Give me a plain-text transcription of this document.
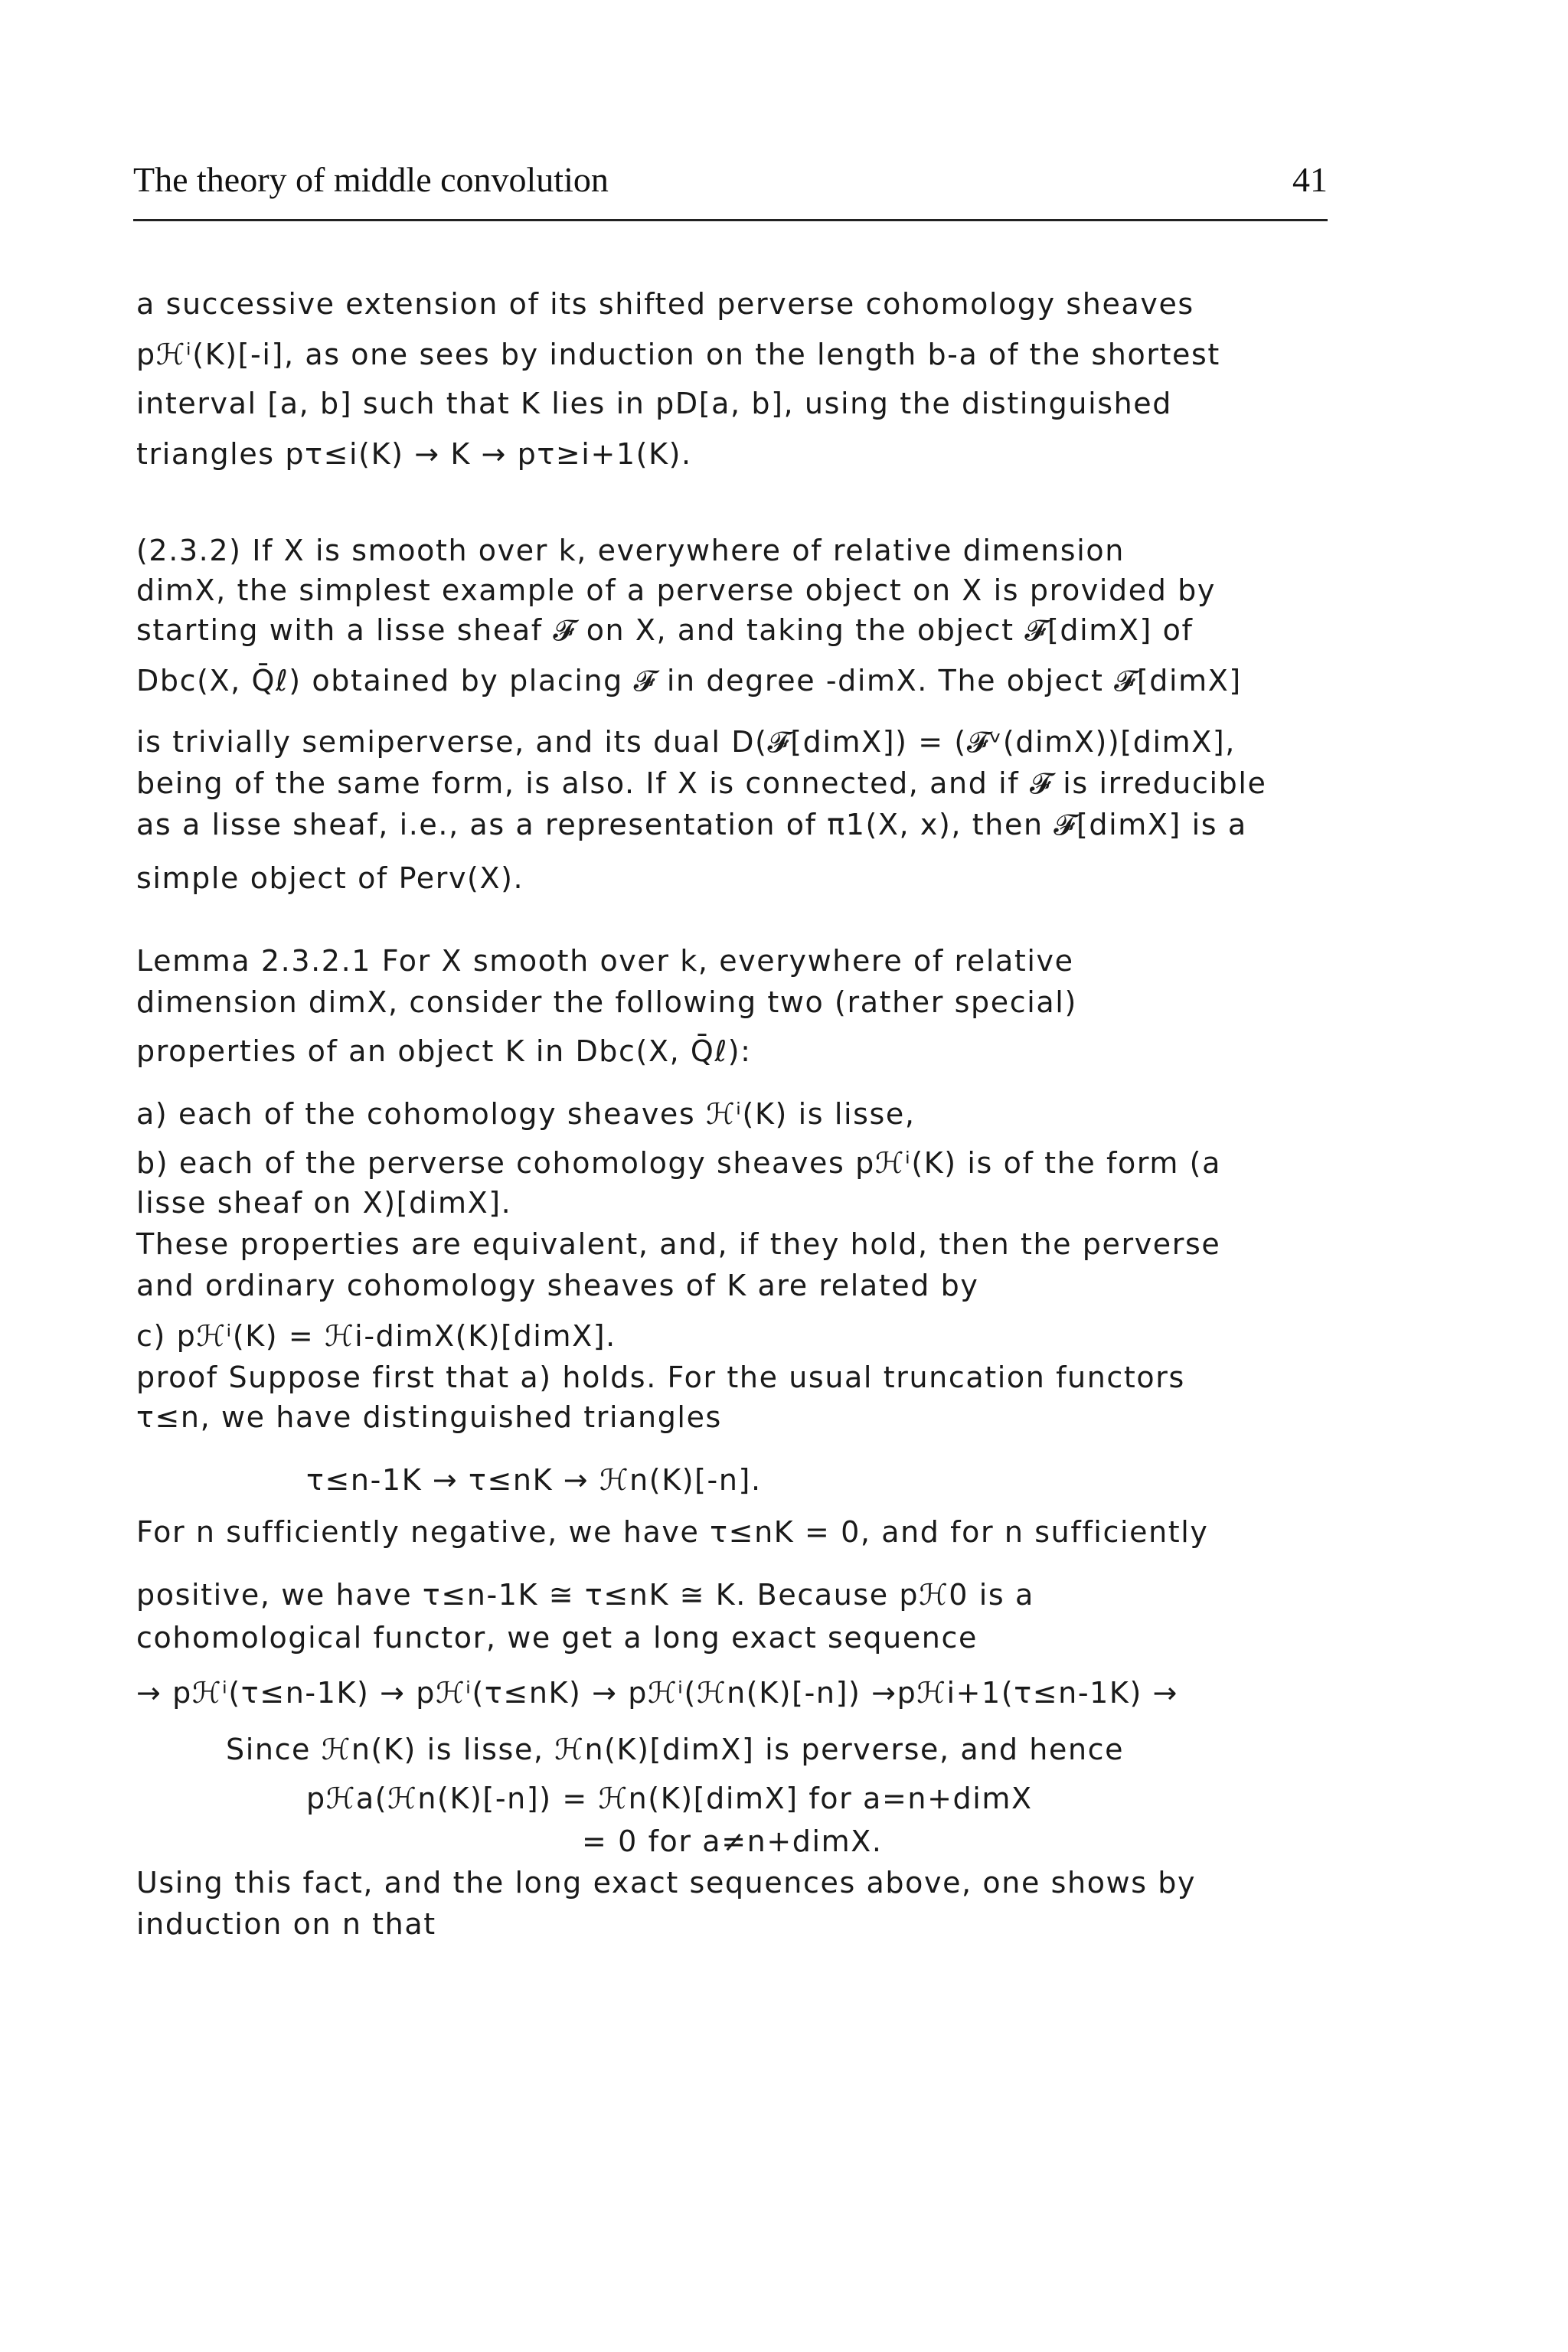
The theory of middle convolution	41
a successive extension of its shifted perverse cohomology sheaves
pℋⁱ(K)[-i], as one sees by induction on the length b-a of the shortest
interval [a, b] such that K lies in pD[a, b], using the distinguished
triangles pτ≤i(K) → K → pτ≥i+1(K).
(2.3.2) If X is smooth over k, everywhere of relative dimension
dimX, the simplest example of a perverse object on X is provided by
starting with a lisse sheaf 𝓕 on X, and taking the object 𝓕[dimX] of
Dbc(X, Q̄ℓ) obtained by placing 𝓕 in degree -dimX. The object 𝓕[dimX]
is trivially semiperverse, and its dual D(𝓕[dimX]) = (𝓕ᵛ(dimX))[dimX],
being of the same form, is also. If X is connected, and if 𝓕 is irreducible
as a lisse sheaf, i.e., as a representation of π1(X, x), then 𝓕[dimX] is a
simple object of Perv(X).
Lemma 2.3.2.1 For X smooth over k, everywhere of relative
dimension dimX, consider the following two (rather special)
properties of an object K in Dbc(X, Q̄ℓ):
a) each of the cohomology sheaves ℋⁱ(K) is lisse,
b) each of the perverse cohomology sheaves pℋⁱ(K) is of the form (a
lisse sheaf on X)[dimX].
These properties are equivalent, and, if they hold, then the perverse
and ordinary cohomology sheaves of K are related by
c) pℋⁱ(K) = ℋi-dimX(K)[dimX].
proof Suppose first that a) holds. For the usual truncation functors
τ≤n, we have distinguished triangles
τ≤n-1K → τ≤nK → ℋn(K)[-n].
For n sufficiently negative, we have τ≤nK = 0, and for n sufficiently
positive, we have τ≤n-1K ≅ τ≤nK ≅ K. Because pℋ0 is a
cohomological functor, we get a long exact sequence
→ pℋⁱ(τ≤n-1K) → pℋⁱ(τ≤nK) → pℋⁱ(ℋn(K)[-n]) →pℋi+1(τ≤n-1K) →
Since ℋn(K) is lisse, ℋn(K)[dimX] is perverse, and hence
pℋa(ℋn(K)[-n]) = ℋn(K)[dimX] for a=n+dimX
= 0 for a≠n+dimX.
Using this fact, and the long exact sequences above, one shows by
induction on n that
